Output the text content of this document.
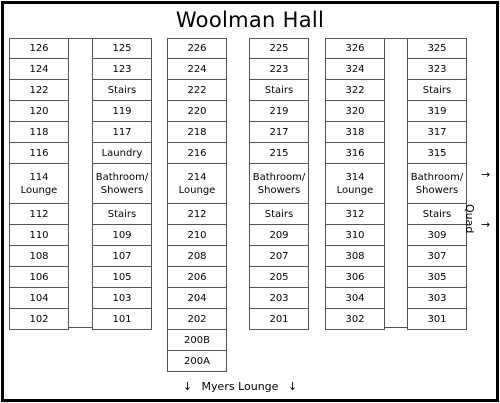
Woolman Hall
126
124
122
120
118
116
114
Lounge
112
110
108
106
104
102
125
123
Stairs
119
117
Laundry
Bathroom/
Showers
Stairs
109
107
105
103
101
226
224
222
220
218
216
214
Lounge
212
210
208
206
204
202
200B
200A
225
223
Stairs
219
217
215
Bathroom/
Showers
Stairs
209
207
205
203
201
326
324
322
320
318
316
314
Lounge
312
310
308
306
304
302
325
323
Stairs
319
317
315
Bathroom/
Showers
Stairs
309
307
305
303
301
→
Quad →
↓ Myers Lounge ↓
